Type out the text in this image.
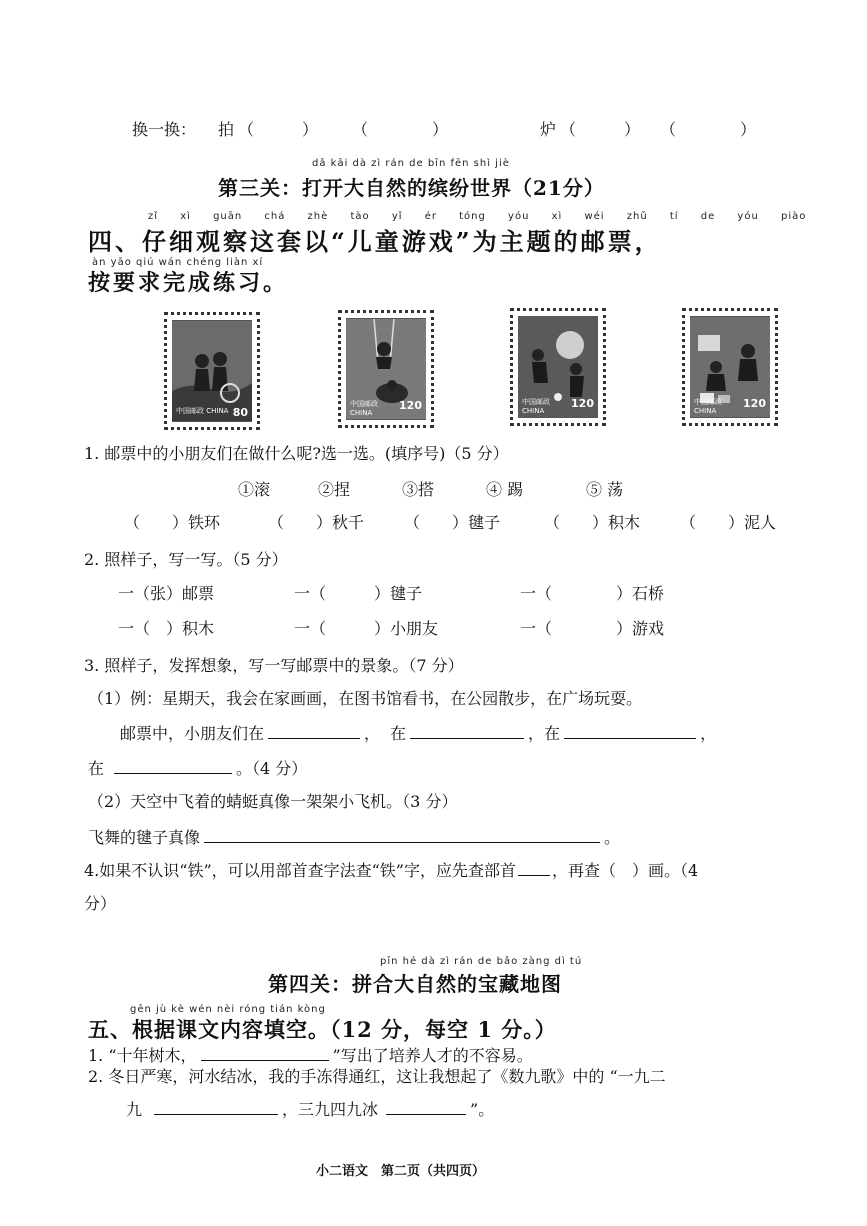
换一换： 拍 （　　　） （　　　　）	炉 （　　　） （　　　　）
dǎ kāi dà zì rán de bīn fēn shì jiè
第三关：打开大自然的缤纷世界（21分）
zǐ xì guān chá zhè tào yǐ ér tóng yóu xì wéi zhǔ tí de yóu piào
四、仔细观察这套以“儿童游戏”为主题的邮票，
àn yāo qiú wán chéng liàn xí
按要求完成练习。
中国邮政 CHINA 80
中国邮政 CHINA
120	中国邮政 CHINA
120	中国邮政 CHINA
120
1. 邮票中的小朋友们在做什么呢?选一选。(填序号)（5 分）
①滚	②捏	③搭	④ 踢	⑤ 荡
（　　）铁环	（　　）秋千 （　　）毽子	（　　）积木 （　　）泥人
2. 照样子，写一写。（5 分）
一（张）邮票	一（　　　）毽子	一（　　　　）石桥
一（　）积木	一（　　　）小朋友	一（　　　　）游戏
3. 照样子，发挥想象，写一写邮票中的景象。（7 分）
（1）例：星期天，我会在家画画，在图书馆看书，在公园散步，在广场玩耍。
邮票中，小朋友们在	， 在	，在	，
在	。（4 分）
（2）天空中飞着的蜻蜓真像一架架小飞机。（3 分）
飞舞的毽子真像	。
4.如果不认识“铁”，可以用部首查字法查“铁”字，应先查部首 ，再查（　）画。（4
分）
pīn hé dà zì rán de bǎo zàng dì tú
第四关：拼合大自然的宝藏地图
gēn jù kè wén nèi róng tián kòng
五、根据课文内容填空。（12 分，每空 1 分。）
1. “十年树木，	”写出了培养人才的不容易。
2. 冬日严寒，河水结冰，我的手冻得通红，这让我想起了《数九歌》中的 “一九二
九	，三九四九冰	”。
小二语文　第二页（共四页）
